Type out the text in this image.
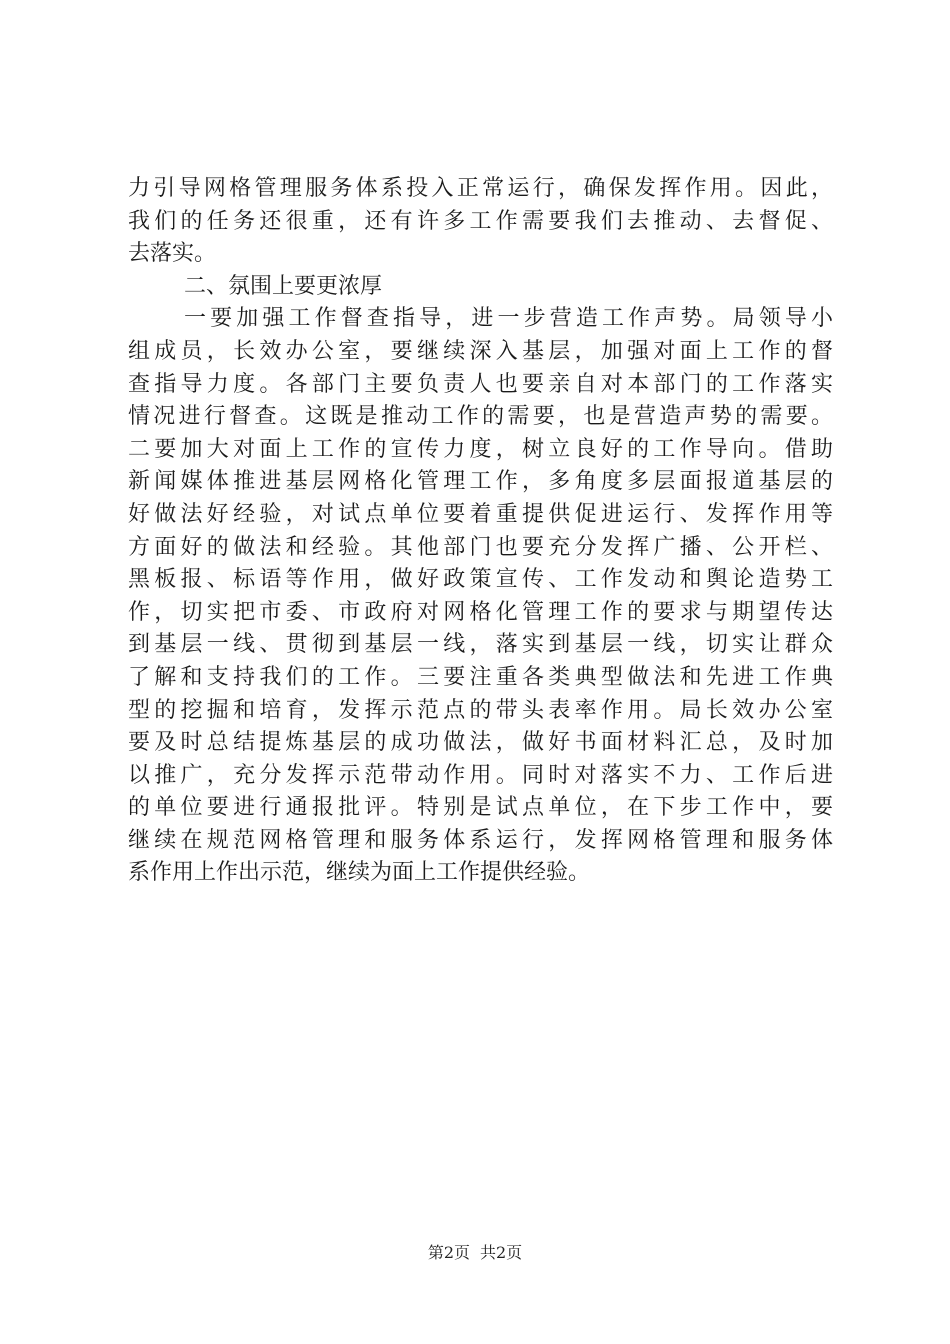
力引导网格管理服务体系投入正常运行，确保发挥作用。因此，
我们的任务还很重，还有许多工作需要我们去推动、去督促、
去落实。
二、氛围上要更浓厚
一要加强工作督查指导，进一步营造工作声势。局领导小
组成员，长效办公室，要继续深入基层，加强对面上工作的督
查指导力度。各部门主要负责人也要亲自对本部门的工作落实
情况进行督查。这既是推动工作的需要，也是营造声势的需要。
二要加大对面上工作的宣传力度，树立良好的工作导向。借助
新闻媒体推进基层网格化管理工作，多角度多层面报道基层的
好做法好经验，对试点单位要着重提供促进运行、发挥作用等
方面好的做法和经验。其他部门也要充分发挥广播、公开栏、
黑板报、标语等作用，做好政策宣传、工作发动和舆论造势工
作，切实把市委、市政府对网格化管理工作的要求与期望传达
到基层一线、贯彻到基层一线，落实到基层一线，切实让群众
了解和支持我们的工作。三要注重各类典型做法和先进工作典
型的挖掘和培育，发挥示范点的带头表率作用。局长效办公室
要及时总结提炼基层的成功做法，做好书面材料汇总，及时加
以推广，充分发挥示范带动作用。同时对落实不力、工作后进
的单位要进行通报批评。特别是试点单位，在下步工作中，要
继续在规范网格管理和服务体系运行，发挥网格管理和服务体
系作用上作出示范，继续为面上工作提供经验。
第2页 共2页
